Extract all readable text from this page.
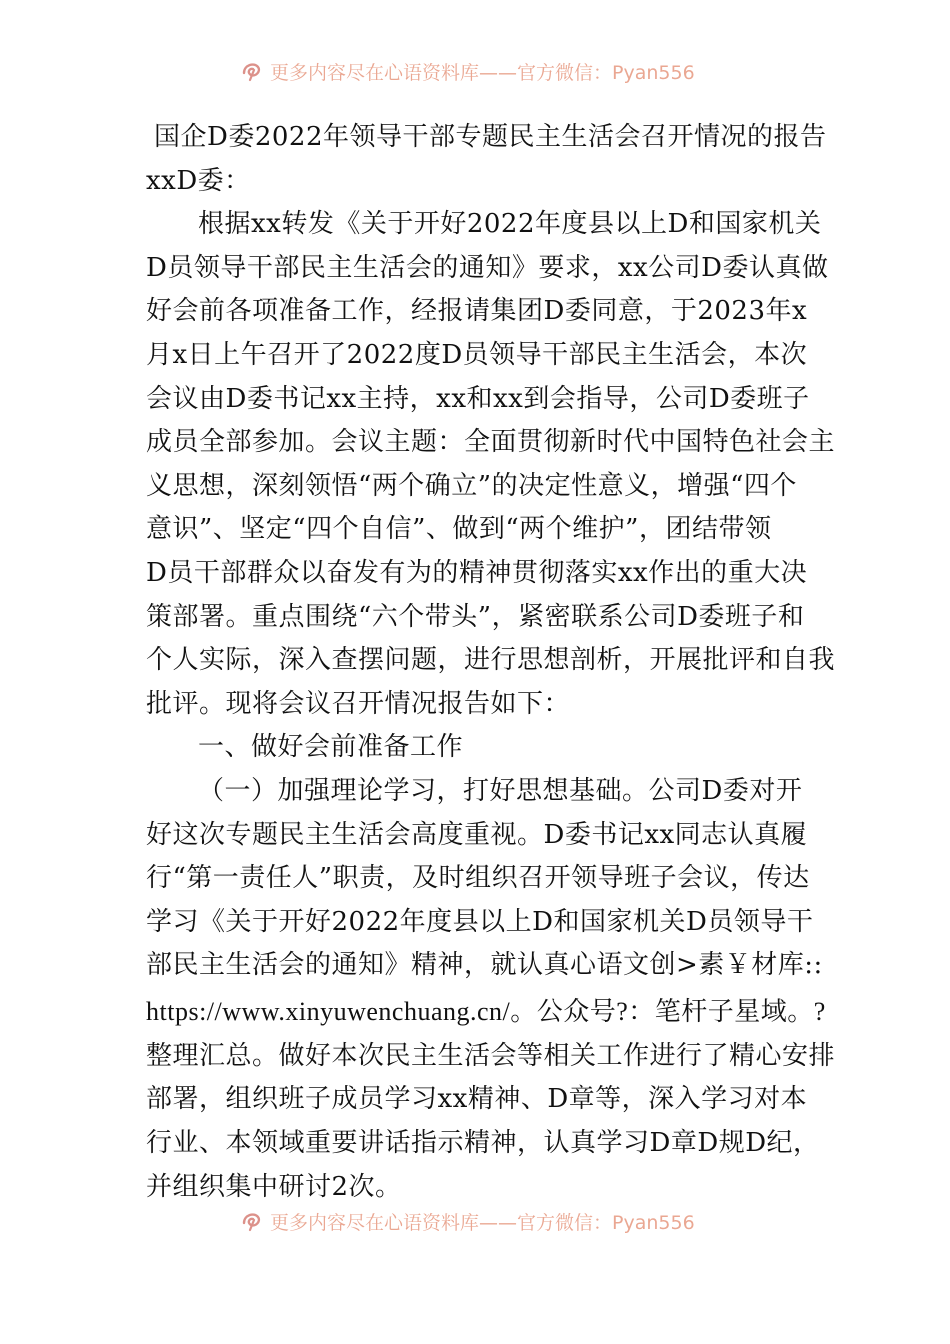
更多内容尽在心语资料库——官方微信：Pyan556
国企D委2022年领导干部专题民主生活会召开情况的报告
xxD委：
根据xx转发《关于开好2022年度县以上D和国家机关
D员领导干部民主生活会的通知》要求，xx公司D委认真做
好会前各项准备工作，经报请集团D委同意，于2023年x
月x日上午召开了2022度D员领导干部民主生活会，本次
会议由D委书记xx主持，xx和xx到会指导，公司D委班子
成员全部参加。会议主题：全面贯彻新时代中国特色社会主
义思想，深刻领悟“两个确立”的决定性意义，增强“四个
意识”、坚定“四个自信”、做到“两个维护”，团结带领
D员干部群众以奋发有为的精神贯彻落实xx作出的重大决
策部署。重点围绕“六个带头”，紧密联系公司D委班子和
个人实际，深入查摆问题，进行思想剖析，开展批评和自我
批评。现将会议召开情况报告如下：
一、做好会前准备工作
（一）加强理论学习，打好思想基础。公司D委对开
好这次专题民主生活会高度重视。D委书记xx同志认真履
行“第一责任人”职责，及时组织召开领导班子会议，传达
学习《关于开好2022年度县以上D和国家机关D员领导干
部民主生活会的通知》精神，就认真心语文创>素￥材库::
https://www.xinyuwenchuang.cn/。公众号?：笔杆子星域。?
整理汇总。做好本次民主生活会等相关工作进行了精心安排
部署，组织班子成员学习xx精神、D章等，深入学习对本
行业、本领域重要讲话指示精神，认真学习D章D规D纪，
并组织集中研讨2次。
更多内容尽在心语资料库——官方微信：Pyan556
